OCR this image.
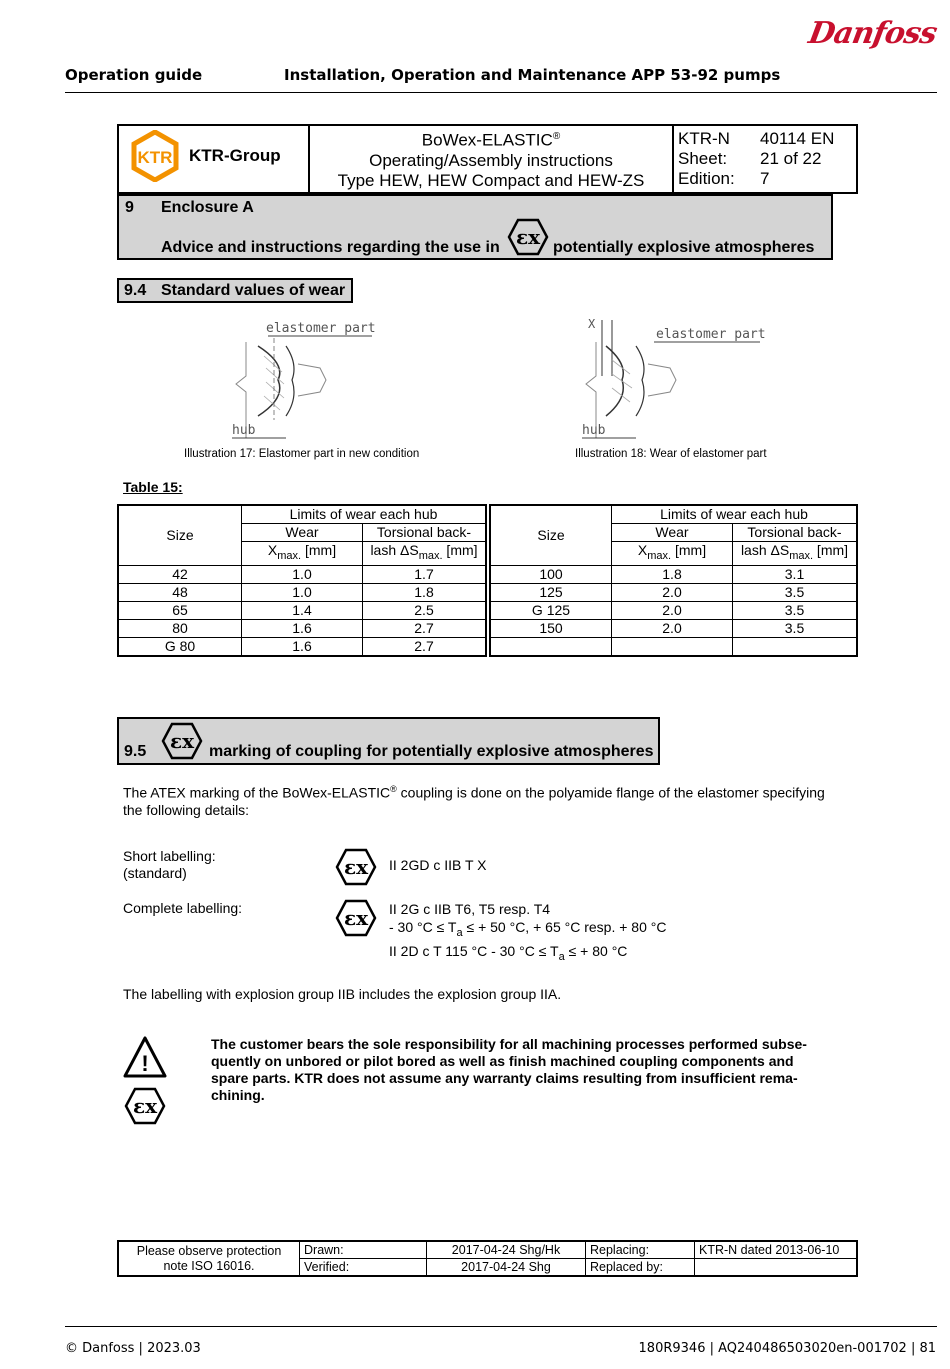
Danfoss
Operation guide	Installation, Operation and Maintenance APP 53-92 pumps
KTR KTR-Group

BoWex-ELASTIC®
Operating/Assembly instructions
Type HEW, HEW Compact and HEW-ZS

KTR-N 40114 EN
Sheet: 21 of 22
Edition: 7
9 Enclosure A
Advice and instructions regarding the use in εx potentially explosive atmospheres
9.4 Standard values of wear
elastomer part
hub
Illustration 17: Elastomer part in new condition
X
elastomer part
hub
Illustration 18: Wear of elastomer part
Table 15:
Size	Limits of wear each hub	
	Wear	Torsional back-
	$X_{max.}$ [mm]	lash $\Delta S_{max.}$ [mm]
42	1.0	1.7
48	1.0	1.8
65	1.4	2.5
80	1.6	2.7
G 80	1.6	2.7
Size	Limits of wear each hub	
	Wear	Torsional back-
	$X_{max.}$ [mm]	lash $\Delta S_{max.}$ [mm]
100	1.8	3.1
125	2.0	3.5
G 125	2.0	3.5
150	2.0	3.5

9.5 εx marking of coupling for potentially explosive atmospheres
The ATEX marking of the BoWex-ELASTIC® coupling is done on the polyamide flange of the elastomer specifying
the following details:
Short labelling:
(standard)	εx II 2GD c IIB T X
Complete labelling:	εx II 2G c IIB T6, T5 resp. T4
- 30 $^\circ C \le T_a$ ≤ + 50 °C, + 65 °C resp. + 80 °C
II 2D c T 115 °C - 30 $^\circ C \le T_a$ ≤ + 80 °C
The labelling with explosion group IIB includes the explosion group IIA.
!
εx
The customer bears the sole responsibility for all machining processes performed subse-
quently on unbored or pilot bored as well as finish machined coupling components and
spare parts. KTR does not assume any warranty claims resulting from insufficient rema-
chining.
Please observe protection
note ISO 16016.	Drawn:	2017-04-24 Shg/Hk	Replacing:	KTR-N dated 2013-06-10
	Verified:	2017-04-24 Shg	Replaced by:	
© Danfoss | 2023.03	180R9346 | AQ240486503020en-001702 | 81
